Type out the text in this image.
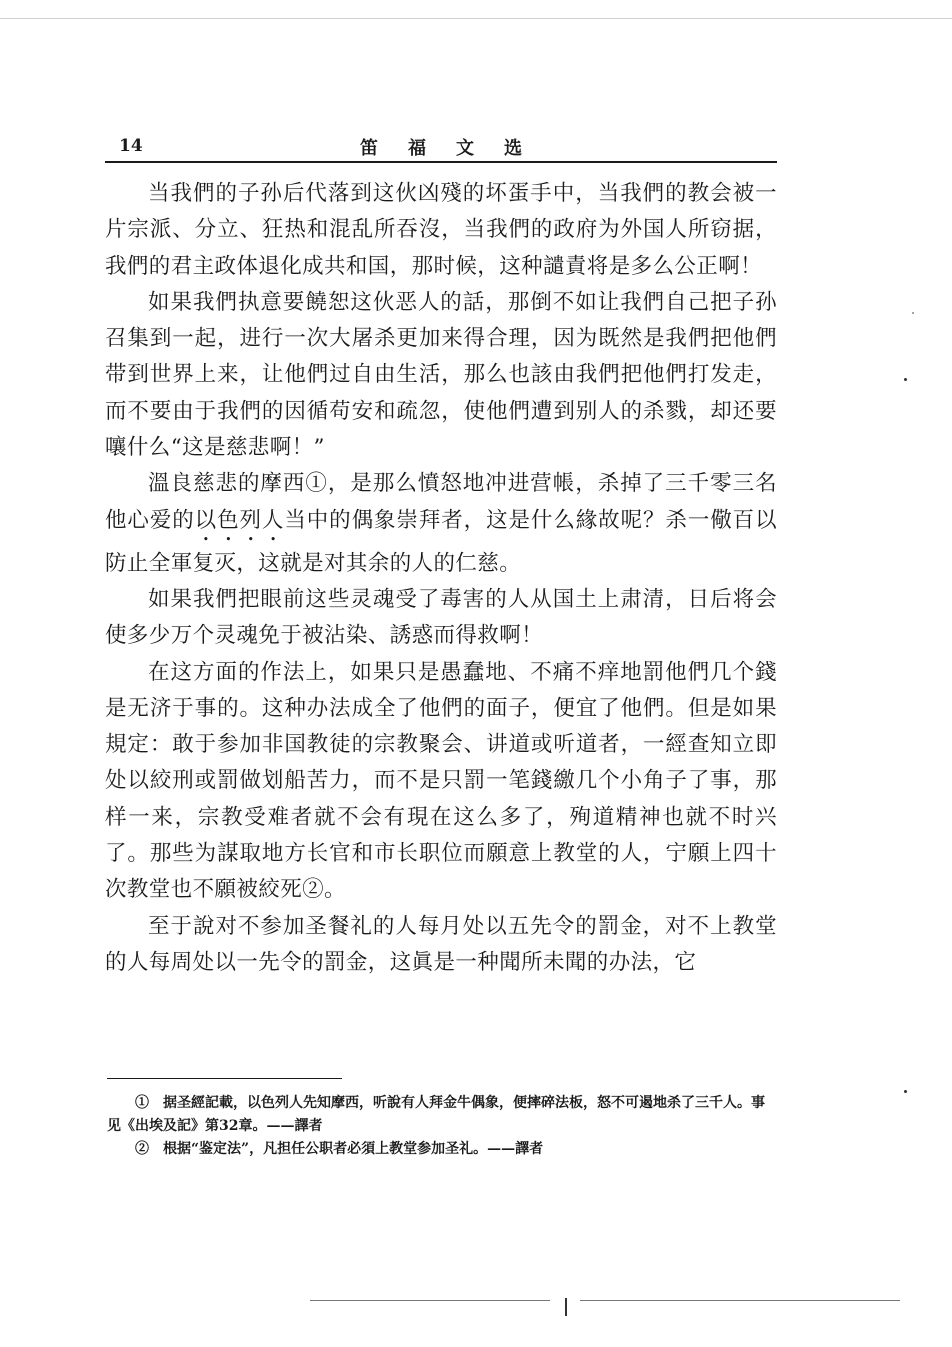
14	笛福文选

当我們的子孙后代落到这伙凶殘的坏蛋手中，当我們的教会被一片宗派、分立、狂热和混乱所吞沒，当我們的政府为外国人所窃据，我們的君主政体退化成共和国，那时候，这种譴責将是多么公正啊！

如果我們执意要饒恕这伙恶人的話，那倒不如让我們自己把子孙召集到一起，进行一次大屠杀更加来得合理，因为既然是我們把他們带到世界上来，让他們过自由生活，那么也該由我們把他們打发走，而不要由于我們的因循苟安和疏忽，使他們遭到别人的杀戮，却还要嚷什么“这是慈悲啊！”

溫良慈悲的摩西①，是那么憤怒地冲进营帳，杀掉了三千零三名他心爱的以色列人当中的偶象崇拜者，这是什么緣故呢？杀一儆百以防止全軍复灭，这就是对其余的人的仁慈。

如果我們把眼前这些灵魂受了毒害的人从国土上肃清，日后将会使多少万个灵魂免于被沾染、誘惑而得救啊！

在这方面的作法上，如果只是愚蠢地、不痛不痒地罰他們几个錢是无济于事的。这种办法成全了他們的面子，便宜了他們。但是如果規定：敢于参加非国教徒的宗教聚会、讲道或听道者，一經查知立即处以絞刑或罰做划船苦力，而不是只罰一笔錢繳几个小角子了事，那样一来，宗教受难者就不会有現在这么多了，殉道精神也就不时兴了。那些为謀取地方长官和市长职位而願意上教堂的人，宁願上四十次教堂也不願被絞死②。

至于說对不参加圣餐礼的人每月处以五先令的罰金，对不上教堂的人每周处以一先令的罰金，这眞是一种聞所未聞的办法，它

①　据圣經記載，以色列人先知摩西，听說有人拜金牛偶象，便摔碎法板，怒不可遏地杀了三千人。事见《出埃及記》第32章。——譯者

②　根据“鉴定法”，凡担任公职者必須上教堂参加圣礼。——譯者
